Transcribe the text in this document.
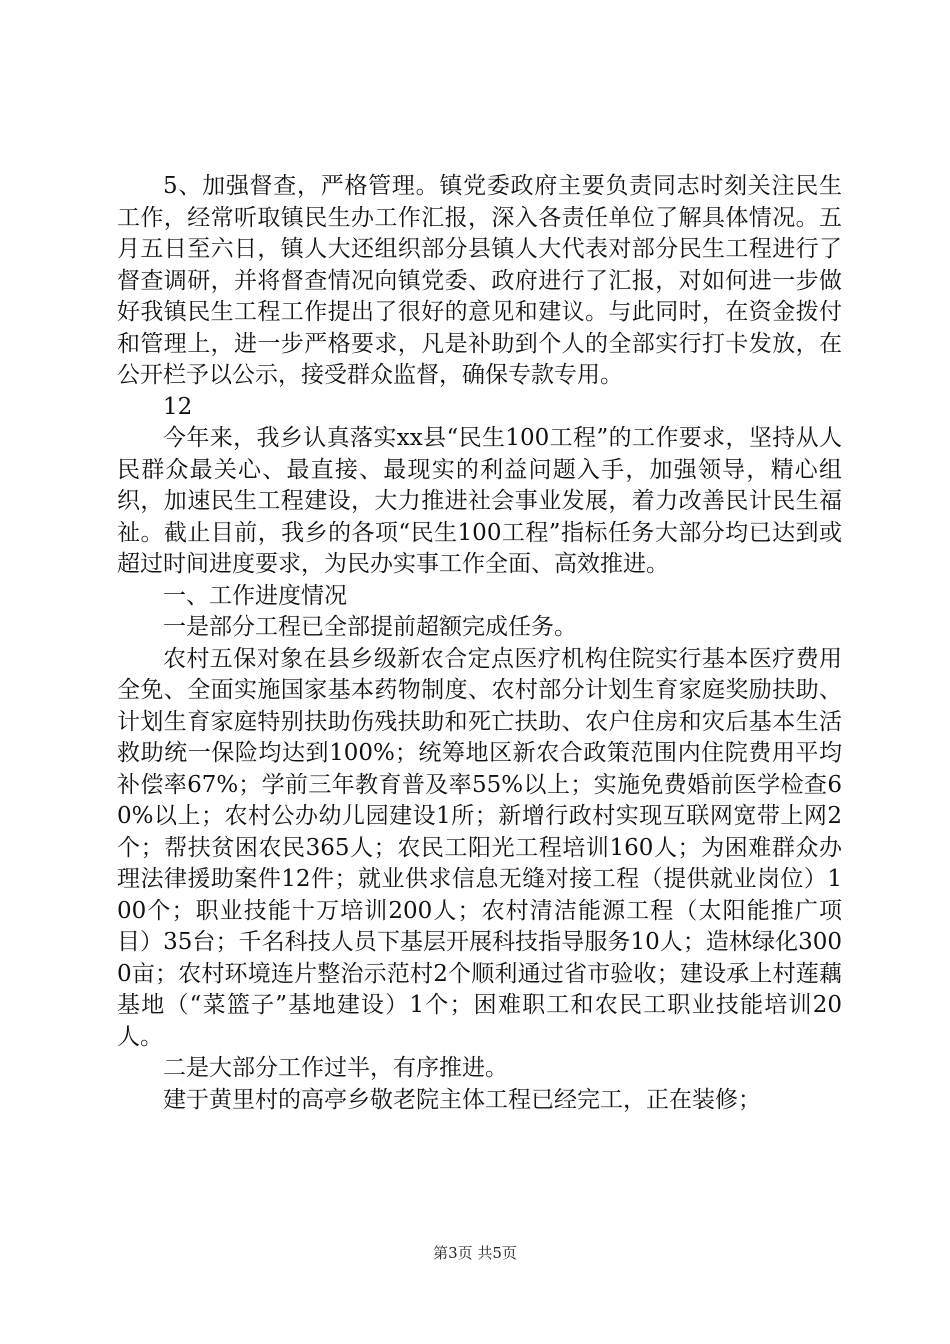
5、加强督查，严格管理。镇党委政府主要负责同志时刻关注民生工作，经常听取镇民生办工作汇报，深入各责任单位了解具体情况。五月五日至六日，镇人大还组织部分县镇人大代表对部分民生工程进行了督查调研，并将督查情况向镇党委、政府进行了汇报，对如何进一步做好我镇民生工程工作提出了很好的意见和建议。与此同时，在资金拨付和管理上，进一步严格要求，凡是补助到个人的全部实行打卡发放，在公开栏予以公示，接受群众监督，确保专款专用。

12

今年来，我乡认真落实xx县“民生100工程”的工作要求，坚持从人民群众最关心、最直接、最现实的利益问题入手，加强领导，精心组织，加速民生工程建设，大力推进社会事业发展，着力改善民计民生福祉。截止目前，我乡的各项“民生100工程”指标任务大部分均已达到或超过时间进度要求，为民办实事工作全面、高效推进。

一、工作进度情况

一是部分工程已全部提前超额完成任务。

农村五保对象在县乡级新农合定点医疗机构住院实行基本医疗费用全免、全面实施国家基本药物制度、农村部分计划生育家庭奖励扶助、计划生育家庭特别扶助伤残扶助和死亡扶助、农户住房和灾后基本生活救助统一保险均达到100%；统筹地区新农合政策范围内住院费用平均补偿率67%；学前三年教育普及率55%以上；实施免费婚前医学检查60%以上；农村公办幼儿园建设1所；新增行政村实现互联网宽带上网2个；帮扶贫困农民365人；农民工阳光工程培训160人；为困难群众办理法律援助案件12件；就业供求信息无缝对接工程（提供就业岗位）100个；职业技能十万培训200人；农村清洁能源工程（太阳能推广项目）35台；千名科技人员下基层开展科技指导服务10人；造林绿化3000亩；农村环境连片整治示范村2个顺利通过省市验收；建设承上村莲藕基地（“菜篮子”基地建设）1个；困难职工和农民工职业技能培训20人。

二是大部分工作过半，有序推进。

建于黄里村的高亭乡敬老院主体工程已经完工，正在装修；

第3页 共5页
